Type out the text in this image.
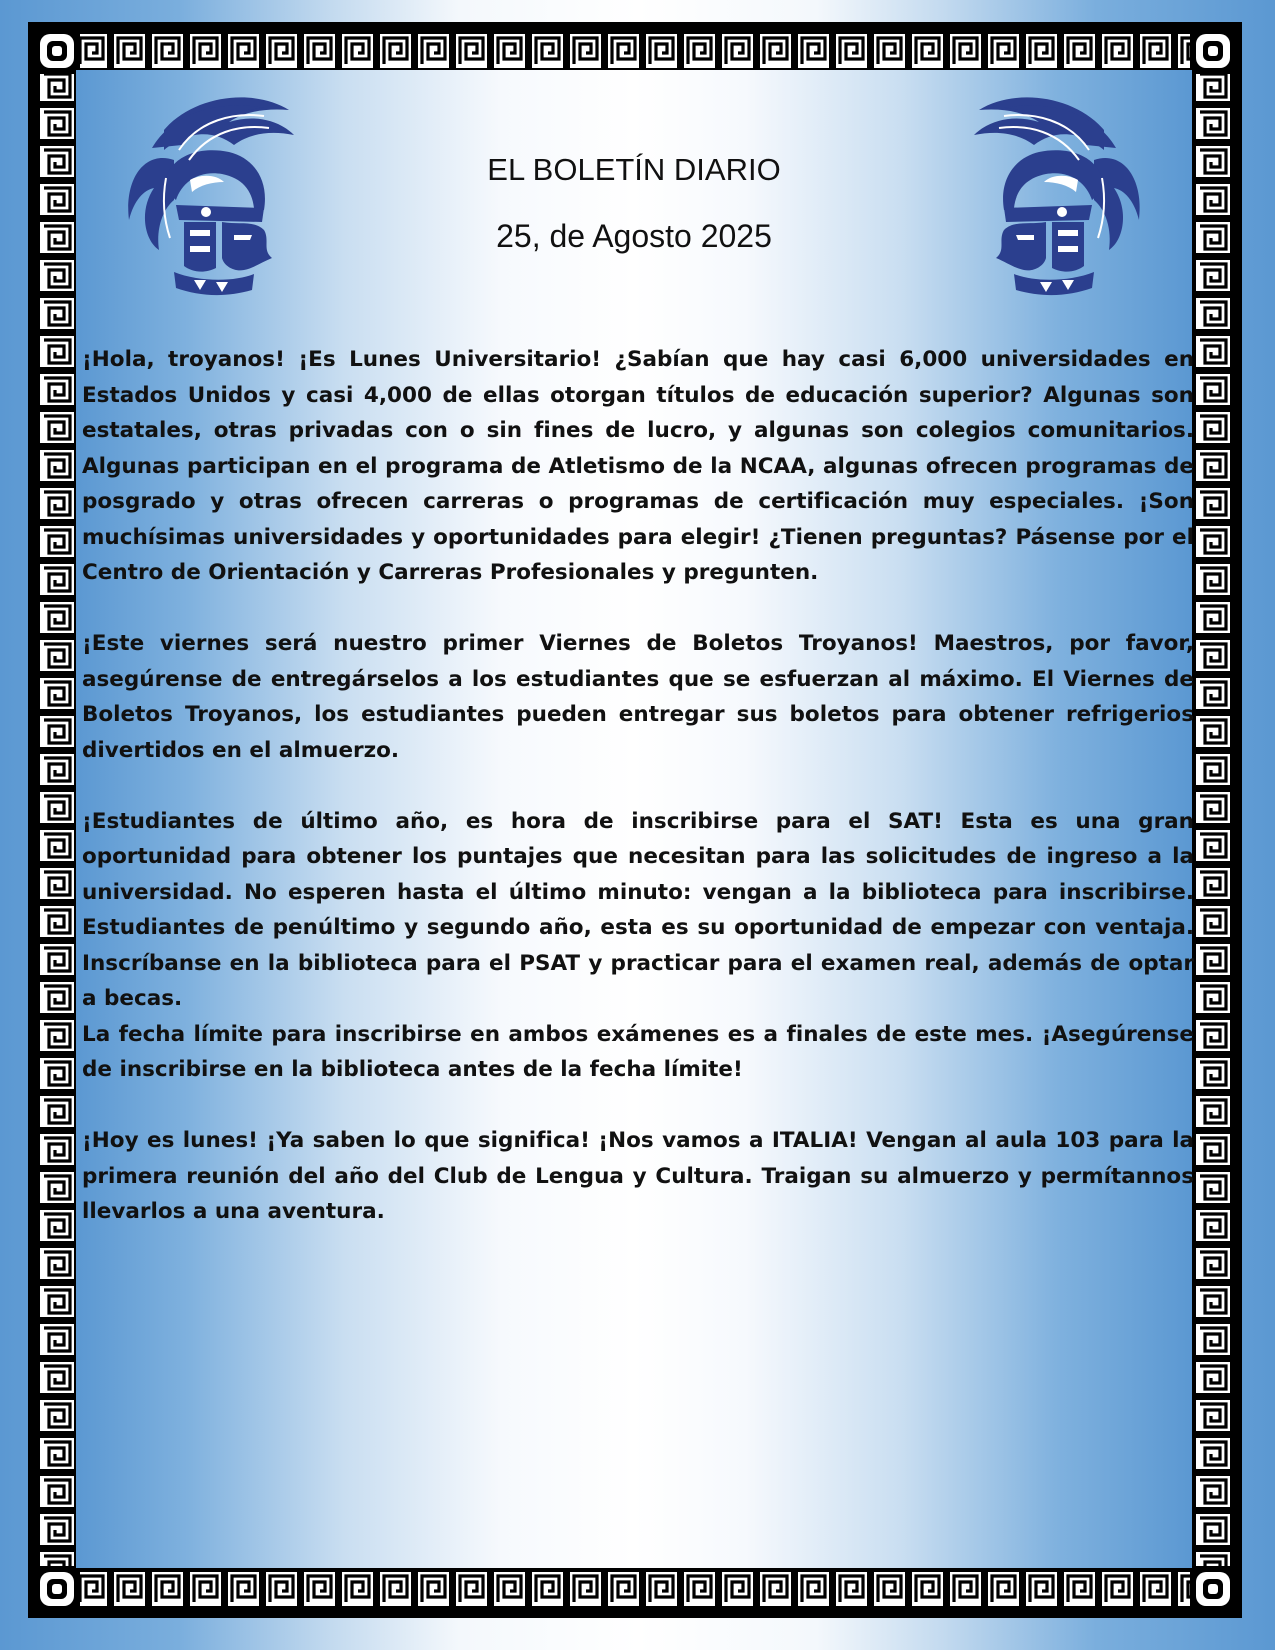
EL BOLETÍN DIARIO
25, de Agosto 2025

¡Hola, troyanos! ¡Es Lunes Universitario! ¿Sabían que hay casi 6,000 universidades en Estados Unidos y casi 4,000 de ellas otorgan títulos de educación superior? Algunas son estatales, otras privadas con o sin fines de lucro, y algunas son colegios comunitarios. Algunas participan en el programa de Atletismo de la NCAA, algunas ofrecen programas de posgrado y otras ofrecen carreras o programas de certificación muy especiales. ¡Son muchísimas universidades y oportunidades para elegir! ¿Tienen preguntas? Pásense por el Centro de Orientación y Carreras Profesionales y pregunten.

¡Este viernes será nuestro primer Viernes de Boletos Troyanos! Maestros, por favor, asegúrense de entregárselos a los estudiantes que se esfuerzan al máximo. El Viernes de Boletos Troyanos, los estudiantes pueden entregar sus boletos para obtener refrigerios divertidos en el almuerzo.

¡Estudiantes de último año, es hora de inscribirse para el SAT! Esta es una gran oportunidad para obtener los puntajes que necesitan para las solicitudes de ingreso a la universidad. No esperen hasta el último minuto: vengan a la biblioteca para inscribirse. Estudiantes de penúltimo y segundo año, esta es su oportunidad de empezar con ventaja. Inscríbanse en la biblioteca para el PSAT y practicar para el examen real, además de optar a becas.

La fecha límite para inscribirse en ambos exámenes es a finales de este mes. ¡Asegúrense de inscribirse en la biblioteca antes de la fecha límite!

¡Hoy es lunes! ¡Ya saben lo que significa! ¡Nos vamos a ITALIA! Vengan al aula 103 para la primera reunión del año del Club de Lengua y Cultura. Traigan su almuerzo y permítannos llevarlos a una aventura.
